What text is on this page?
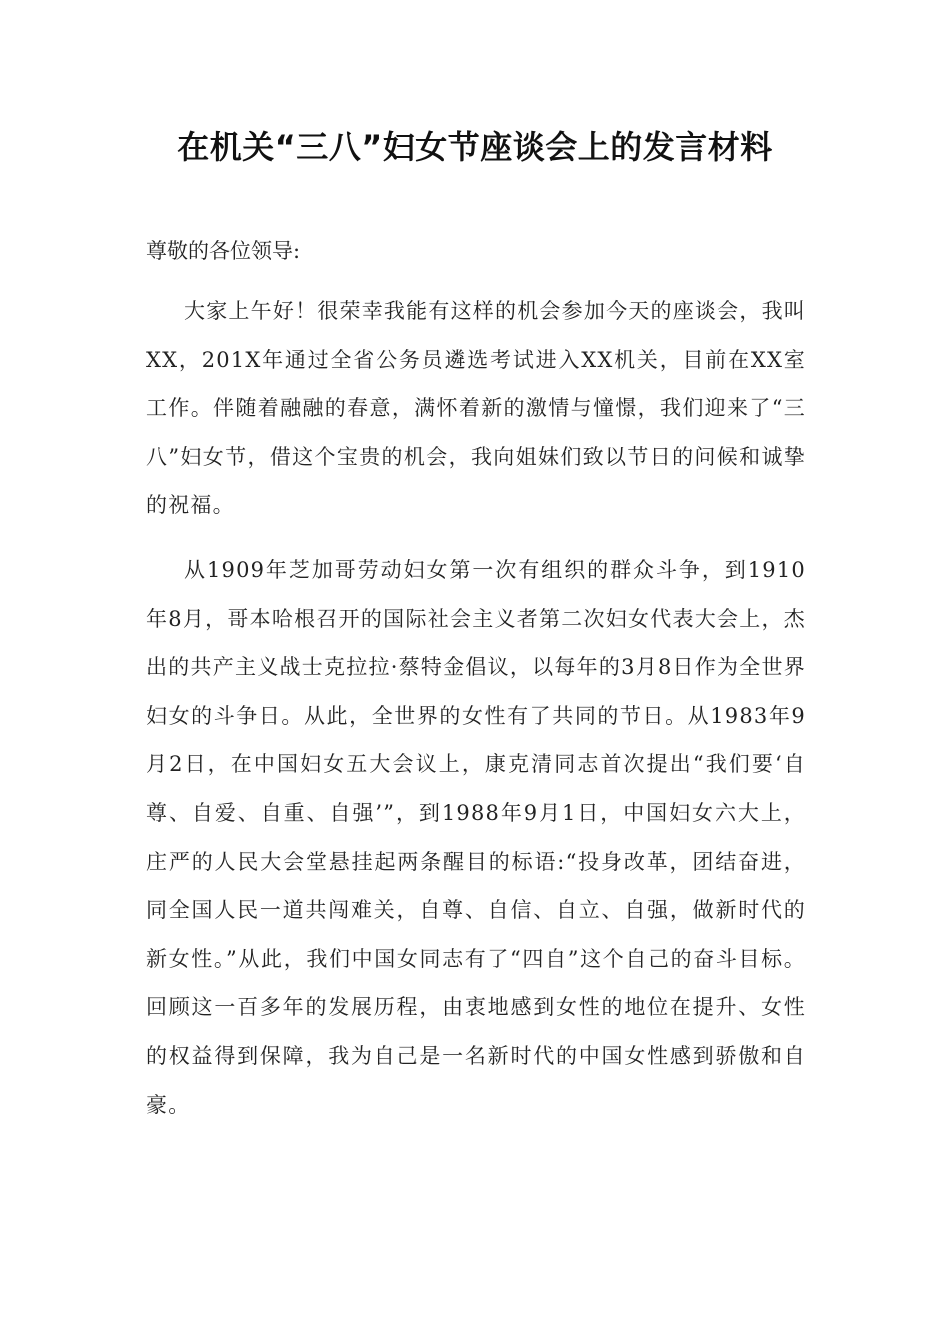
在机关“三八”妇女节座谈会上的发言材料

尊敬的各位领导:

大家上午好！很荣幸我能有这样的机会参加今天的座谈会，我叫XX，201X年通过全省公务员遴选考试进入XX机关，目前在XX室工作。伴随着融融的春意，满怀着新的激情与憧憬，我们迎来了“三八”妇女节，借这个宝贵的机会，我向姐妹们致以节日的问候和诚挚的祝福。

从1909年芝加哥劳动妇女第一次有组织的群众斗争，到1910年8月，哥本哈根召开的国际社会主义者第二次妇女代表大会上，杰出的共产主义战士克拉拉·蔡特金倡议，以每年的3月8日作为全世界妇女的斗争日。从此，全世界的女性有了共同的节日。从1983年9月2日，在中国妇女五大会议上，康克清同志首次提出“我们要‘自尊、自爱、自重、自强’”，到1988年9月1日，中国妇女六大上，庄严的人民大会堂悬挂起两条醒目的标语:“投身改革，团结奋进，同全国人民一道共闯难关，自尊、自信、自立、自强，做新时代的新女性。”从此，我们中国女同志有了“四自”这个自己的奋斗目标。回顾这一百多年的发展历程，由衷地感到女性的地位在提升、女性的权益得到保障，我为自己是一名新时代的中国女性感到骄傲和自豪。
